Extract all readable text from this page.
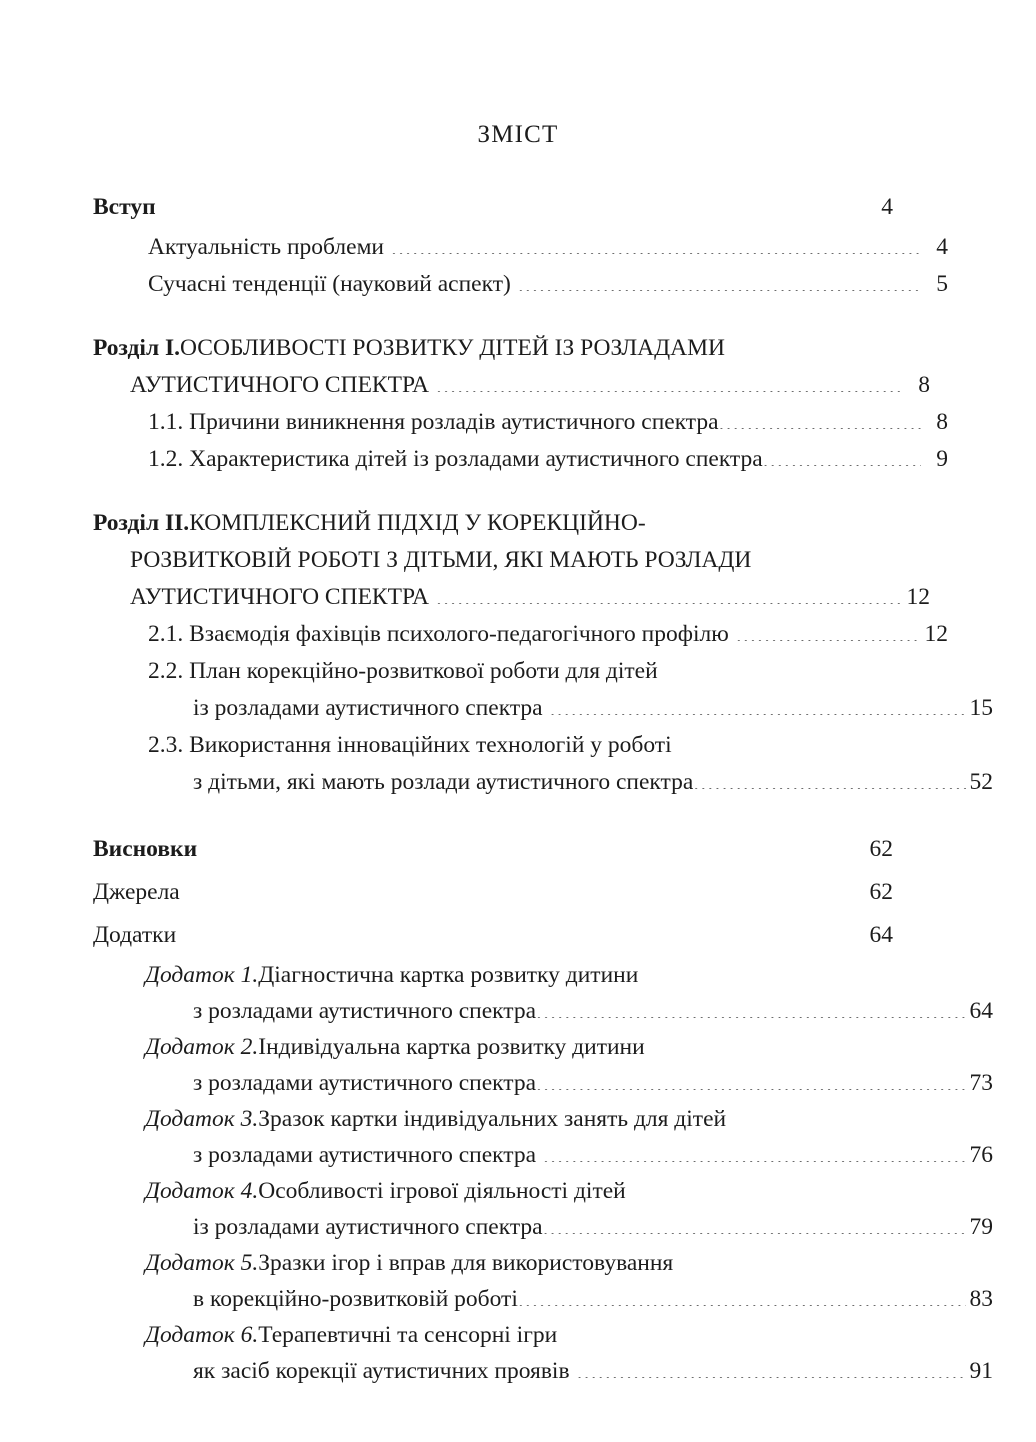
ЗМІСТ
Вступ .....	4
Актуальність проблеми .....	4
Сучасні тенденції (науковий аспект) .....	5
Розділ I. ОСОБЛИВОСТІ РОЗВИТКУ ДІТЕЙ ІЗ РОЗЛАДАМИ
АУТИСТИЧНОГО СПЕКТРА .....	8
1.1. Причини виникнення розладів аутистичного спектра .....	8
1.2. Характеристика дітей із розладами аутистичного спектра .....	9
Розділ II. КОМПЛЕКСНИЙ ПІДХІД У КОРЕКЦІЙНО-
РОЗВИТКОВІЙ РОБОТІ З ДІТЬМИ, ЯКІ МАЮТЬ РОЗЛАДИ
АУТИСТИЧНОГО СПЕКТРА .....	12
2.1. Взаємодія фахівців психолого-педагогічного профілю .....	12
2.2. План корекційно-розвиткової роботи для дітей
із розладами аутистичного спектра .....	15
2.3. Використання інноваційних технологій у роботі
з дітьми, які мають розлади аутистичного спектра .....	52
Висновки .....	62
Джерела .....	62
Додатки .....	64
Додаток 1. Діагностична картка розвитку дитини
з розладами аутистичного спектра .....	64
Додаток 2. Індивідуальна картка розвитку дитини
з розладами аутистичного спектра .....	73
Додаток 3. Зразок картки індивідуальних занять для дітей
з розладами аутистичного спектра .....	76
Додаток 4. Особливості ігрової діяльності дітей
із розладами аутистичного спектра .....	79
Додаток 5. Зразки ігор і вправ для використовування
в корекційно-розвитковій роботі .....	83
Додаток 6. Терапевтичні та сенсорні ігри
як засіб корекції аутистичних проявів .....	91
